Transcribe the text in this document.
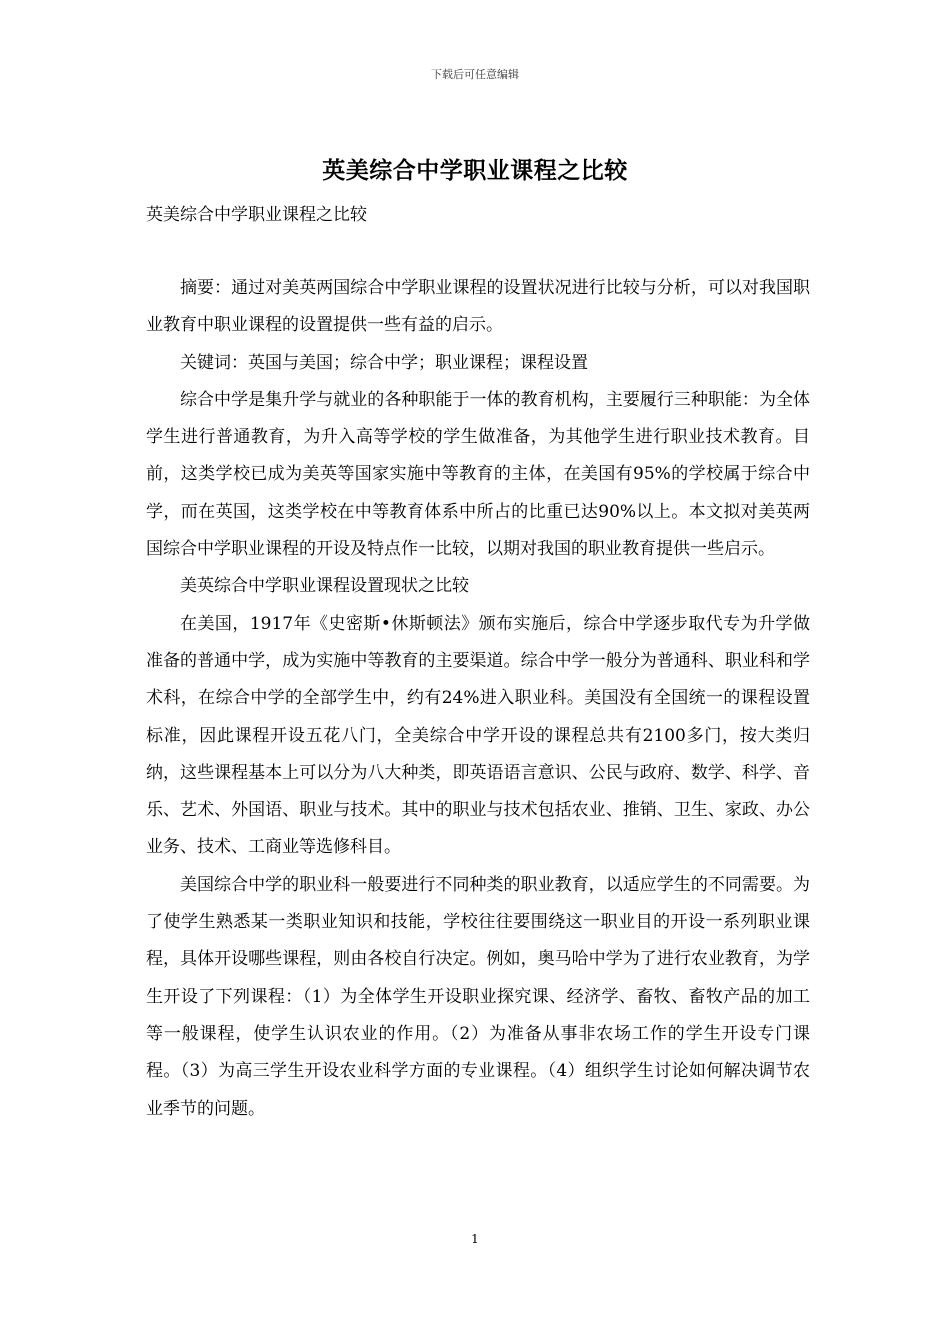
下载后可任意编辑
英美综合中学职业课程之比较
英美综合中学职业课程之比较

摘要：通过对美英两国综合中学职业课程的设置状况进行比较与分析，可以对我国职业教育中职业课程的设置提供一些有益的启示。

关键词：英国与美国；综合中学；职业课程；课程设置

综合中学是集升学与就业的各种职能于一体的教育机构，主要履行三种职能：为全体学生进行普通教育，为升入高等学校的学生做准备，为其他学生进行职业技术教育。目前，这类学校已成为美英等国家实施中等教育的主体，在美国有95%的学校属于综合中学，而在英国，这类学校在中等教育体系中所占的比重已达90%以上。本文拟对美英两国综合中学职业课程的开设及特点作一比较，以期对我国的职业教育提供一些启示。

美英综合中学职业课程设置现状之比较

在美国，1917年《史密斯•休斯顿法》颁布实施后，综合中学逐步取代专为升学做准备的普通中学，成为实施中等教育的主要渠道。综合中学一般分为普通科、职业科和学术科，在综合中学的全部学生中，约有24%进入职业科。美国没有全国统一的课程设置标准，因此课程开设五花八门，全美综合中学开设的课程总共有2100多门，按大类归纳，这些课程基本上可以分为八大种类，即英语语言意识、公民与政府、数学、科学、音乐、艺术、外国语、职业与技术。其中的职业与技术包括农业、推销、卫生、家政、办公业务、技术、工商业等选修科目。

美国综合中学的职业科一般要进行不同种类的职业教育，以适应学生的不同需要。为了使学生熟悉某一类职业知识和技能，学校往往要围绕这一职业目的开设一系列职业课程，具体开设哪些课程，则由各校自行决定。例如，奥马哈中学为了进行农业教育，为学生开设了下列课程：（1）为全体学生开设职业探究课、经济学、畜牧、畜牧产品的加工等一般课程，使学生认识农业的作用。（2）为准备从事非农场工作的学生开设专门课程。（3）为高三学生开设农业科学方面的专业课程。（4）组织学生讨论如何解决调节农业季节的问题。

1
